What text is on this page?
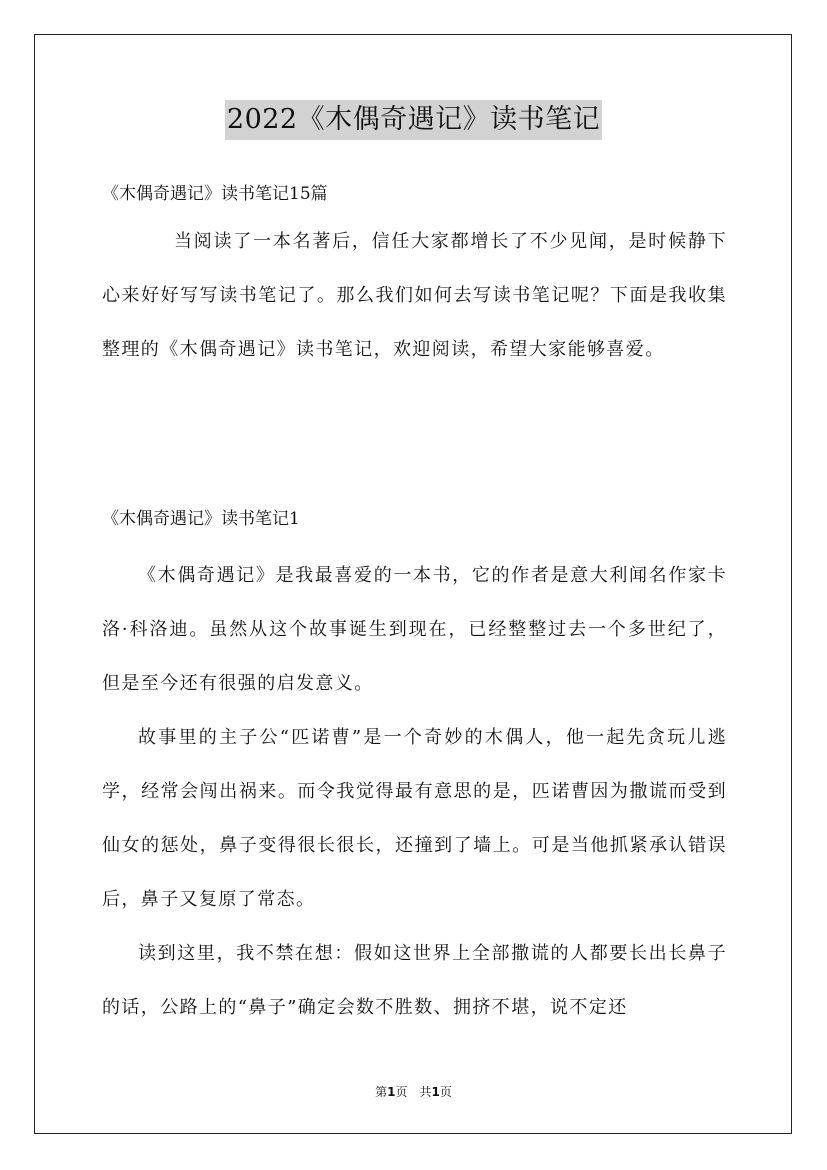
2022《木偶奇遇记》读书笔记
《木偶奇遇记》读书笔记15篇
当阅读了一本名著后，信任大家都增长了不少见闻，是时候静下心来好好写写读书笔记了。那么我们如何去写读书笔记呢？下面是我收集整理的《木偶奇遇记》读书笔记，欢迎阅读，希望大家能够喜爱。
《木偶奇遇记》读书笔记1
《木偶奇遇记》是我最喜爱的一本书，它的作者是意大利闻名作家卡洛·科洛迪。虽然从这个故事诞生到现在，已经整整过去一个多世纪了，但是至今还有很强的启发意义。
故事里的主子公“匹诺曹”是一个奇妙的木偶人，他一起先贪玩儿逃学，经常会闯出祸来。而令我觉得最有意思的是，匹诺曹因为撒谎而受到仙女的惩处，鼻子变得很长很长，还撞到了墙上。可是当他抓紧承认错误后，鼻子又复原了常态。
读到这里，我不禁在想：假如这世界上全部撒谎的人都要长出长鼻子的话，公路上的“鼻子”确定会数不胜数、拥挤不堪，说不定还
第1页　共1页
